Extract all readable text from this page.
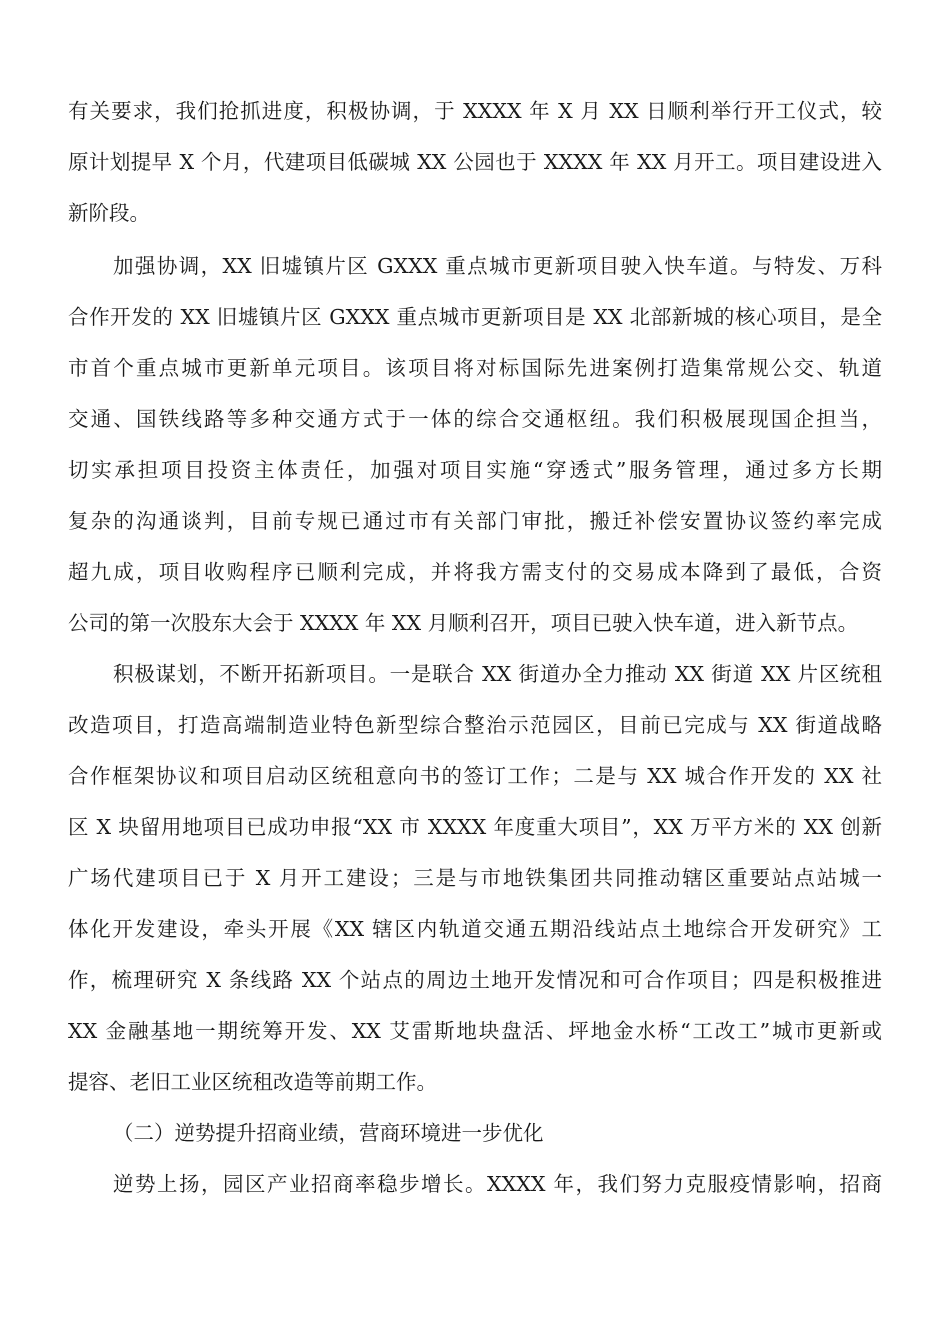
有关要求，我们抢抓进度，积极协调，于 XXXX 年 X 月 XX 日顺利举行开工仪式，较
原计划提早 X 个月，代建项目低碳城 XX 公园也于 XXXX 年 XX 月开工。项目建设进入
新阶段。
加强协调，XX 旧墟镇片区 GXXX 重点城市更新项目驶入快车道。与特发、万科
合作开发的 XX 旧墟镇片区 GXXX 重点城市更新项目是 XX 北部新城的核心项目，是全
市首个重点城市更新单元项目。该项目将对标国际先进案例打造集常规公交、轨道
交通、国铁线路等多种交通方式于一体的综合交通枢纽。我们积极展现国企担当，
切实承担项目投资主体责任，加强对项目实施“穿透式”服务管理，通过多方长期
复杂的沟通谈判，目前专规已通过市有关部门审批，搬迁补偿安置协议签约率完成
超九成，项目收购程序已顺利完成，并将我方需支付的交易成本降到了最低，合资
公司的第一次股东大会于 XXXX 年 XX 月顺利召开，项目已驶入快车道，进入新节点。
积极谋划，不断开拓新项目。一是联合 XX 街道办全力推动 XX 街道 XX 片区统租
改造项目，打造高端制造业特色新型综合整治示范园区，目前已完成与 XX 街道战略
合作框架协议和项目启动区统租意向书的签订工作；二是与 XX 城合作开发的 XX 社
区 X 块留用地项目已成功申报“XX 市 XXXX 年度重大项目”，XX 万平方米的 XX 创新
广场代建项目已于 X 月开工建设；三是与市地铁集团共同推动辖区重要站点站城一
体化开发建设，牵头开展《XX 辖区内轨道交通五期沿线站点土地综合开发研究》工
作，梳理研究 X 条线路 XX 个站点的周边土地开发情况和可合作项目；四是积极推进
XX 金融基地一期统筹开发、XX 艾雷斯地块盘活、坪地金水桥“工改工”城市更新或
提容、老旧工业区统租改造等前期工作。
（二）逆势提升招商业绩，营商环境进一步优化
逆势上扬，园区产业招商率稳步增长。XXXX 年，我们努力克服疫情影响，招商
